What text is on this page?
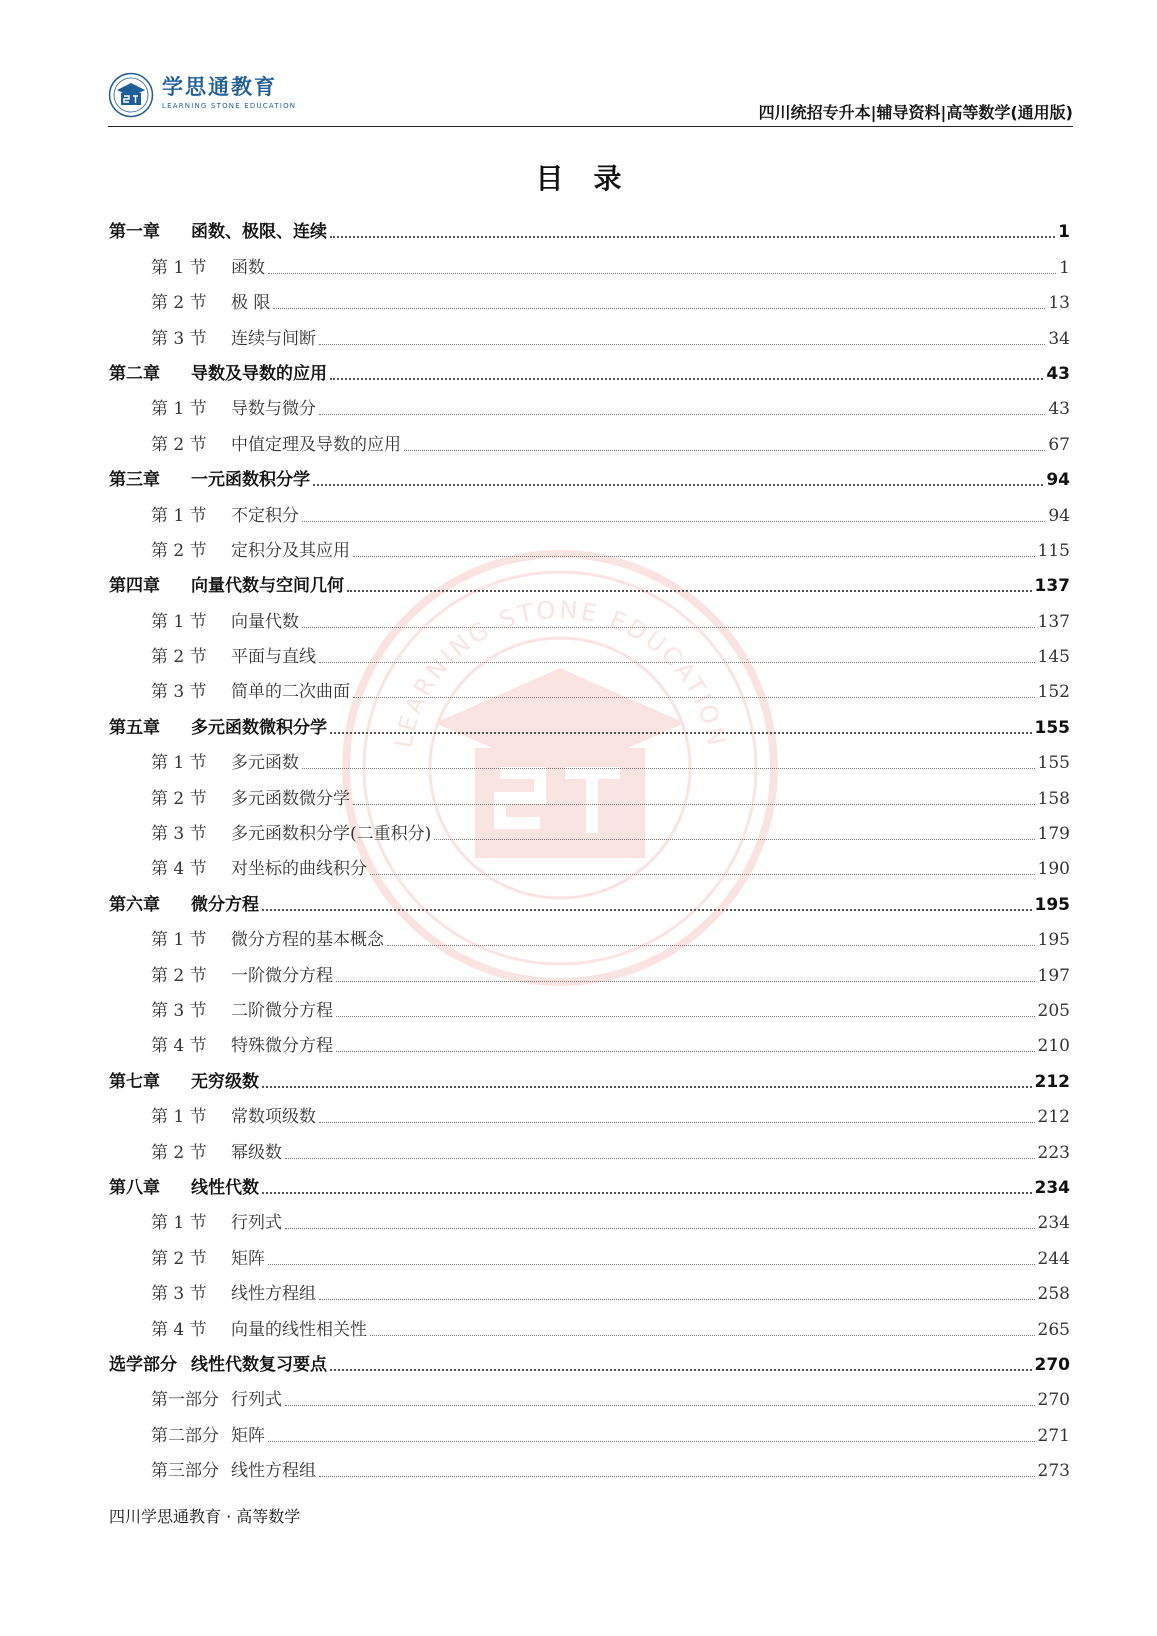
学思通教育
LEARNING STONE EDUCATION	四川统招专升本|辅导资料|高等数学(通用版)
LEARNING STONE EDUCATION
目录
第一章 函数、极限、连续	1
第 1 节 函数	1
第 2 节 极 限	13
第 3 节 连续与间断	34
第二章 导数及导数的应用	43
第 1 节 导数与微分	43
第 2 节 中值定理及导数的应用	67
第三章 一元函数积分学	94
第 1 节 不定积分	94
第 2 节 定积分及其应用	115
第四章 向量代数与空间几何	137
第 1 节 向量代数	137
第 2 节 平面与直线	145
第 3 节 简单的二次曲面	152
第五章 多元函数微积分学	155
第 1 节 多元函数	155
第 2 节 多元函数微分学	158
第 3 节 多元函数积分学(二重积分)	179
第 4 节 对坐标的曲线积分	190
第六章 微分方程	195
第 1 节 微分方程的基本概念	195
第 2 节 一阶微分方程	197
第 3 节 二阶微分方程	205
第 4 节 特殊微分方程	210
第七章 无穷级数	212
第 1 节 常数项级数	212
第 2 节 幂级数	223
第八章 线性代数	234
第 1 节 行列式	234
第 2 节 矩阵	244
第 3 节 线性方程组	258
第 4 节 向量的线性相关性	265
选学部分 线性代数复习要点	270
第一部分 行列式	270
第二部分 矩阵	271
第三部分 线性方程组	273
四川学思通教育 · 高等数学
